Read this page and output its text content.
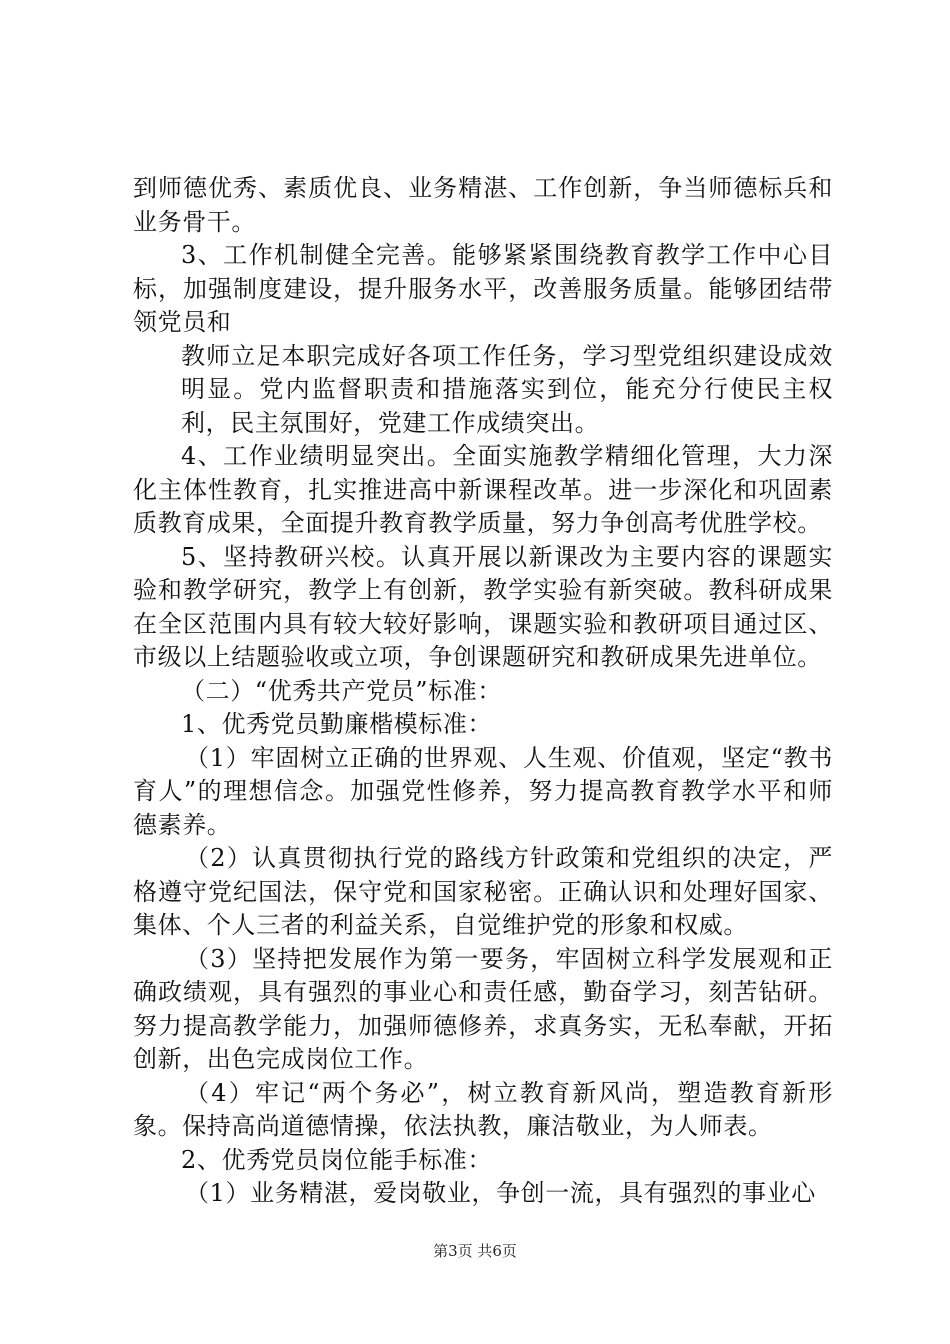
到师德优秀、素质优良、业务精湛、工作创新，争当师德标兵和业务骨干。

3、工作机制健全完善。能够紧紧围绕教育教学工作中心目标，加强制度建设，提升服务水平，改善服务质量。能够团结带领党员和

教师立足本职完成好各项工作任务，学习型党组织建设成效明显。党内监督职责和措施落实到位，能充分行使民主权利，民主氛围好，党建工作成绩突出。

4、工作业绩明显突出。全面实施教学精细化管理，大力深化主体性教育，扎实推进高中新课程改革。进一步深化和巩固素质教育成果，全面提升教育教学质量，努力争创高考优胜学校。

5、坚持教研兴校。认真开展以新课改为主要内容的课题实验和教学研究，教学上有创新，教学实验有新突破。教科研成果在全区范围内具有较大较好影响，课题实验和教研项目通过区、市级以上结题验收或立项，争创课题研究和教研成果先进单位。

（二）“优秀共产党员”标准：

1、优秀党员勤廉楷模标准：

（1）牢固树立正确的世界观、人生观、价值观，坚定“教书育人”的理想信念。加强党性修养，努力提高教育教学水平和师德素养。

（2）认真贯彻执行党的路线方针政策和党组织的决定，严格遵守党纪国法，保守党和国家秘密。正确认识和处理好国家、集体、个人三者的利益关系，自觉维护党的形象和权威。

（3）坚持把发展作为第一要务，牢固树立科学发展观和正确政绩观，具有强烈的事业心和责任感，勤奋学习，刻苦钻研。努力提高教学能力，加强师德修养，求真务实，无私奉献，开拓创新，出色完成岗位工作。

（4）牢记“两个务必”，树立教育新风尚，塑造教育新形象。保持高尚道德情操，依法执教，廉洁敬业，为人师表。

2、优秀党员岗位能手标准：

（1）业务精湛，爱岗敬业，争创一流，具有强烈的事业心

第3页 共6页
